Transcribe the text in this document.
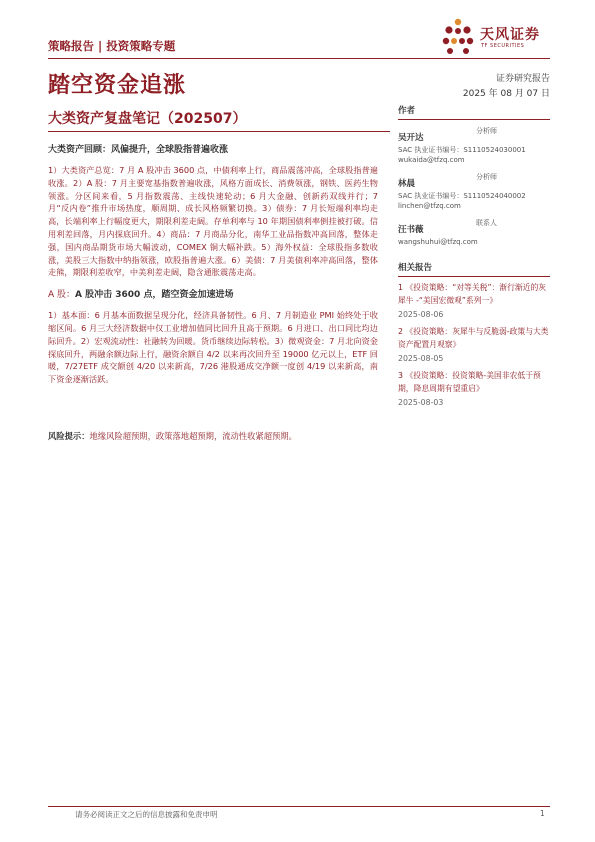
策略报告 | 投资策略专题
天风证券
TF SECURITIES
踏空资金追涨	证券研究报告
2025 年 08 月 07 日
大类资产复盘笔记（202507）
大类资产回顾：风偏提升，全球股指普遍收涨
1）大类资产总览：7 月 A 股冲击 3600 点，中债利率上行，商品震荡冲高，全球股指普遍收涨。2）A 股：7 月主要宽基指数普遍收涨，风格方面成长、消费领涨，钢铁、医药生物领涨。分区间来看，5 月指数震荡、主线快速轮动；6 月大金融、创新药双线并行；7 月“反内卷”推升市场热度，顺周期、成长风格频繁切换。3）债券：7 月长短端利率均走高，长端利率上行幅度更大，期限利差走阔。存单利率与 10 年期国债利率倒挂被打破。信用利差回落，月内探底回升。4）商品：7 月商品分化，南华工业品指数冲高回落，整体走强，国内商品期货市场大幅波动，COMEX 铜大幅补跌。5）海外权益：全球股指多数收涨，美股三大指数中纳指领涨，欧股指普遍大涨。6）美债：7 月美债利率冲高回落，整体走熊，期限利差收窄，中美利差走阔，隐含通胀震荡走高。
A 股：A 股冲击 3600 点，踏空资金加速进场
1）基本面：6 月基本面数据呈现分化，经济具备韧性。6 月、7 月制造业 PMI 始终处于收缩区间。6 月三大经济数据中仅工业增加值同比回升且高于预期。6 月进口、出口同比均边际回升。2）宏观流动性：社融转为回暖。货币继续边际转松。3）微观资金：7 月北向资金探底回升，两融余额边际上行，融资余额自 4/2 以来再次回升至 19000 亿元以上，ETF 回暖，7/27ETF 成交额创 4/20 以来新高，7/26 港股通成交净额一度创 4/19 以来新高，南下资金逐渐活跃。
风险提示：地缘风险超预期，政策落地超预期，流动性收紧超预期。
作者
吴开达
分析师
SAC 执业证书编号：S1110524030001
wukaida@tfzq.com
林晨
分析师
SAC 执业证书编号：S1110524040002
linchen@tfzq.com
汪书薇
联系人
wangshuhui@tfzq.com
相关报告
1 《投资策略：“对等关税”：渐行渐近的灰犀牛 -“美国宏微观”系列一》
2025-08-06
2 《投资策略：灰犀牛与反脆弱-政策与大类资产配置月观察》
2025-08-05
3 《投资策略：投资策略-美国非农低于预期，降息周期有望重启》
2025-08-03
请务必阅读正文之后的信息披露和免责申明	1
